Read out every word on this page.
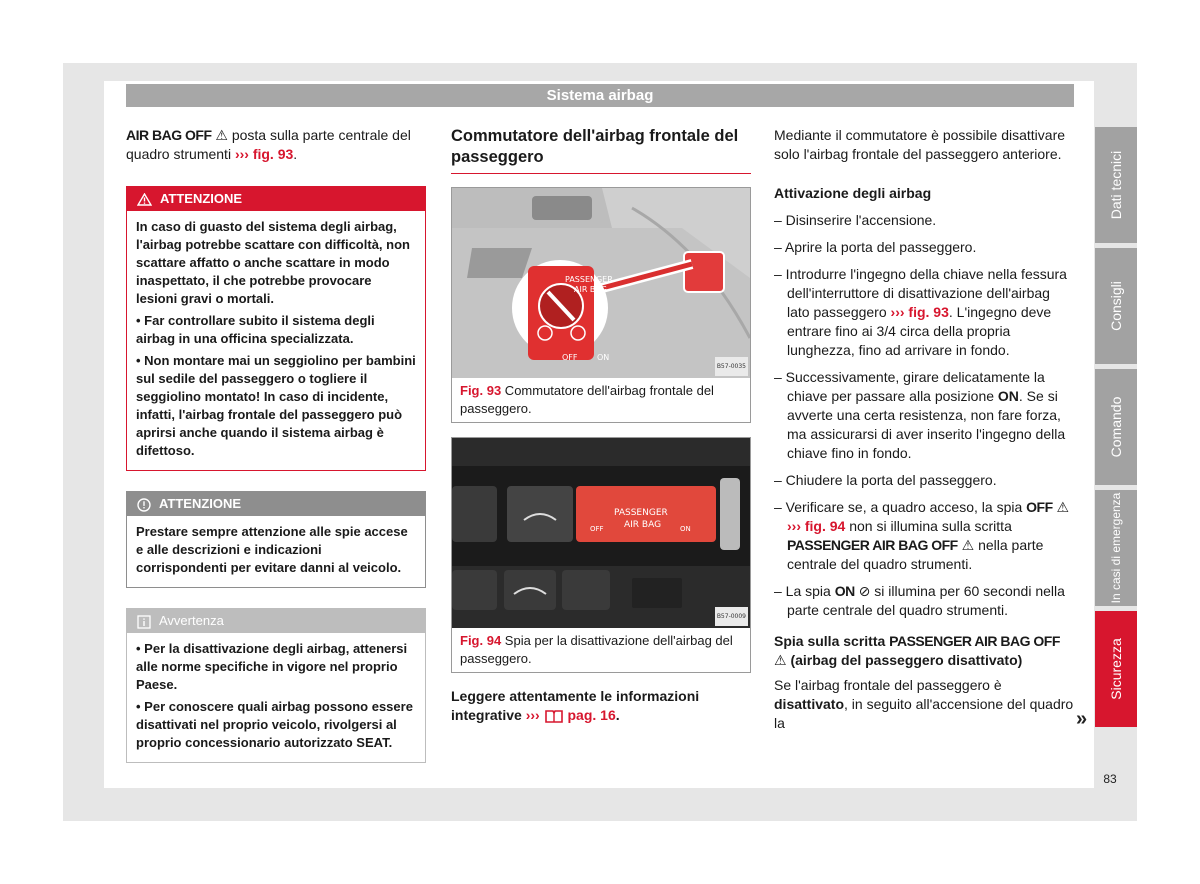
Sistema airbag

AIR BAG OFF ⚠︎ posta sulla parte centrale del quadro strumenti ››› fig. 93.

ATTENZIONE

In caso di guasto del sistema degli airbag, l'airbag potrebbe scattare con difficoltà, non scattare affatto o anche scattare in modo inaspettato, il che potrebbe provocare lesioni gravi o mortali.

• Far controllare subito il sistema degli airbag in una officina specializzata.

• Non montare mai un seggiolino per bambini sul sedile del passeggero o togliere il seggiolino montato! In caso di incidente, infatti, l'airbag frontale del passeggero può aprirsi anche quando il sistema airbag è difettoso.

ATTENZIONE

Prestare sempre attenzione alle spie accese e alle descrizioni e indicazioni corrispondenti per evitare danni al veicolo.

Avvertenza

• Per la disattivazione degli airbag, attenersi alle norme specifiche in vigore nel proprio Paese.

• Per conoscere quali airbag possono essere disattivati nel proprio veicolo, rivolgersi al proprio concessionario autorizzato SEAT.

Commutatore dell'airbag frontale del passeggero
PASSENGER
AIR BAG
OFF ON
B57-0035
Fig. 93 Commutatore dell'airbag frontale del passeggero.
PASSENGER
AIR BAG
OFF	ON
B57-0009
Fig. 94 Spia per la disattivazione dell'airbag del passeggero.

Leggere attentamente le informazioni integrative ››› pag. 16.

Mediante il commutatore è possibile disattivare solo l'airbag frontale del passeggero anteriore.

Attivazione degli airbag

– Disinserire l'accensione.

– Aprire la porta del passeggero.

– Introdurre l'ingegno della chiave nella fessura dell'interruttore di disattivazione dell'airbag lato passeggero ››› fig. 93. L'ingegno deve entrare fino ai 3/4 circa della propria lunghezza, fino ad arrivare in fondo.

– Successivamente, girare delicatamente la chiave per passare alla posizione ON. Se si avverte una certa resistenza, non fare forza, ma assicurarsi di aver inserito l'ingegno della chiave fino in fondo.

– Chiudere la porta del passeggero.

– Verificare se, a quadro acceso, la spia OFF ⚠︎ ››› fig. 94 non si illumina sulla scritta PASSENGER AIR BAG OFF ⚠︎ nella parte centrale del quadro strumenti.

– La spia ON ⊘ si illumina per 60 secondi nella parte centrale del quadro strumenti.

Spia sulla scritta PASSENGER AIR BAG OFF ⚠︎ (airbag del passeggero disattivato)

Se l'airbag frontale del passeggero è disattivato, in seguito all'accensione del quadro la	»
Dati tecnici
Consigli
Comando
In casi di emergenza
Sicurezza
83
